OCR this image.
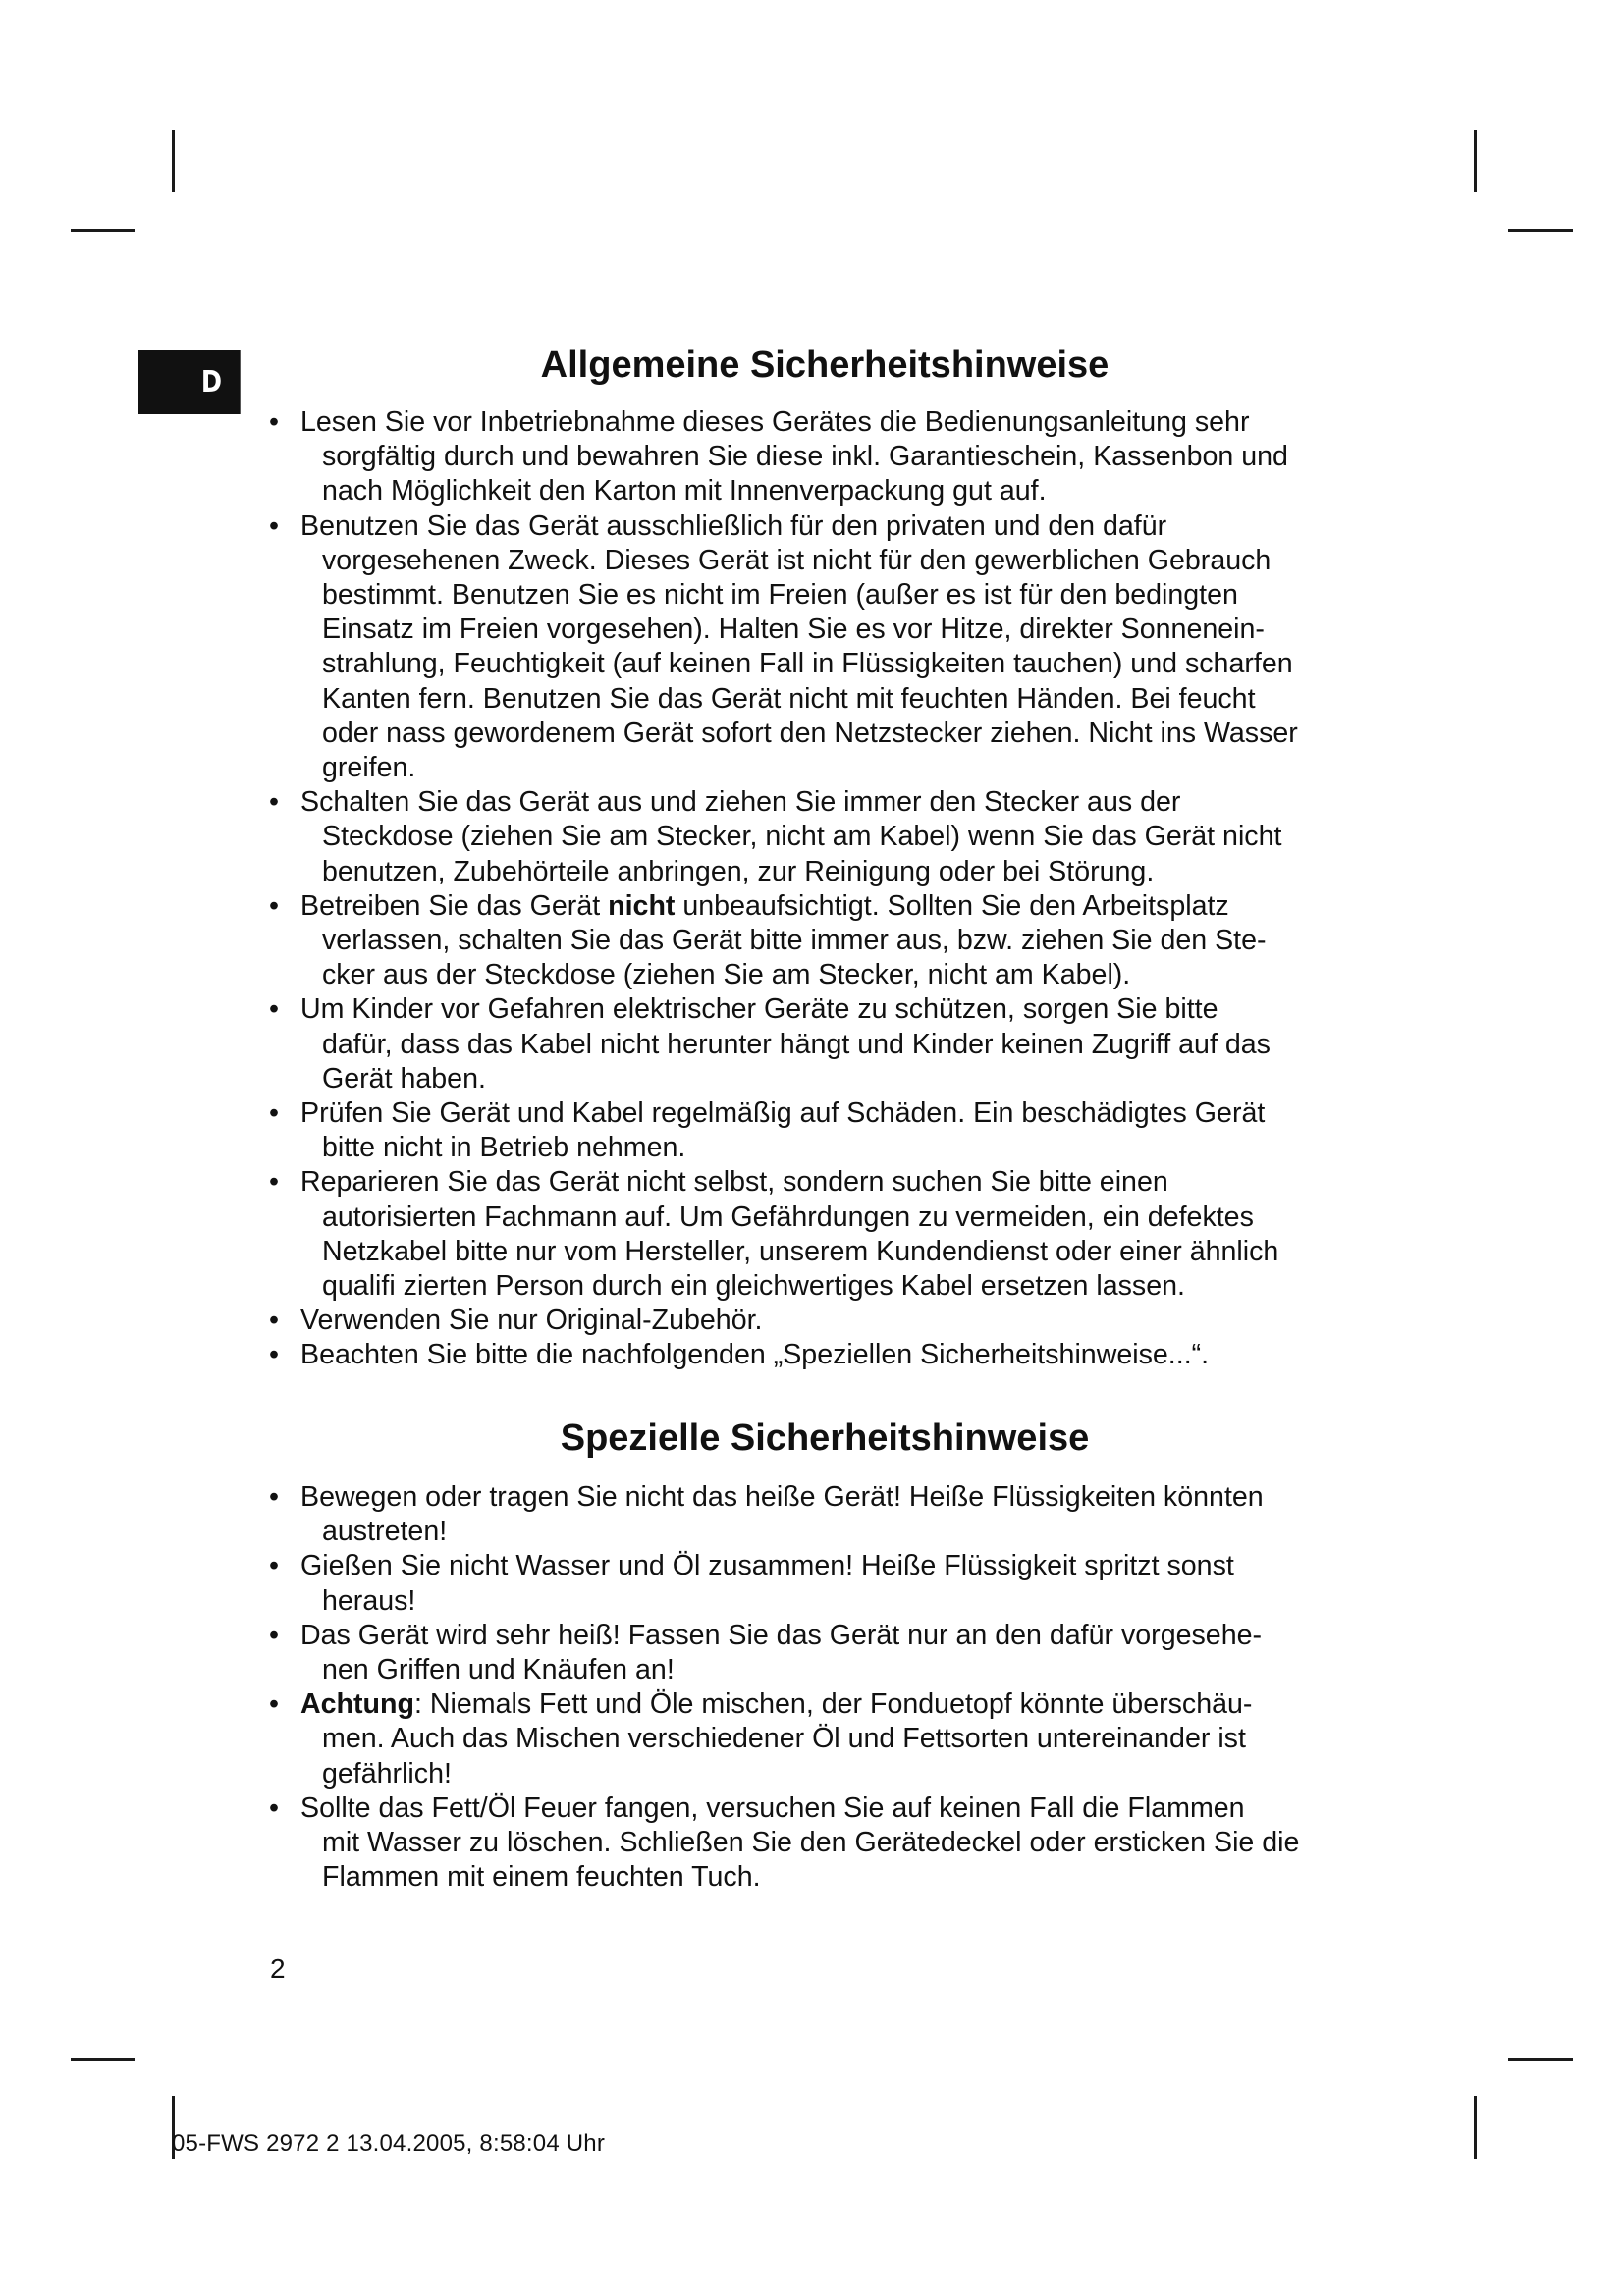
D	Allgemeine Sicherheitshinweise
• Lesen Sie vor Inbetriebnahme dieses Gerätes die Bedienungsanleitung sehr
sorgfältig durch und bewahren Sie diese inkl. Garantieschein, Kassenbon und
nach Möglichkeit den Karton mit Innenverpackung gut auf.
• Benutzen Sie das Gerät ausschließlich für den privaten und den dafür
vorgesehenen Zweck. Dieses Gerät ist nicht für den gewerblichen Gebrauch
bestimmt. Benutzen Sie es nicht im Freien (außer es ist für den bedingten
Einsatz im Freien vorgesehen). Halten Sie es vor Hitze, direkter Sonnenein-
strahlung, Feuchtigkeit (auf keinen Fall in Flüssigkeiten tauchen) und scharfen
Kanten fern. Benutzen Sie das Gerät nicht mit feuchten Händen. Bei feucht
oder nass gewordenem Gerät sofort den Netzstecker ziehen. Nicht ins Wasser
greifen.
• Schalten Sie das Gerät aus und ziehen Sie immer den Stecker aus der
Steckdose (ziehen Sie am Stecker, nicht am Kabel) wenn Sie das Gerät nicht
benutzen, Zubehörteile anbringen, zur Reinigung oder bei Störung.
• Betreiben Sie das Gerät nicht unbeaufsichtigt. Sollten Sie den Arbeitsplatz
verlassen, schalten Sie das Gerät bitte immer aus, bzw. ziehen Sie den Ste-
cker aus der Steckdose (ziehen Sie am Stecker, nicht am Kabel).
• Um Kinder vor Gefahren elektrischer Geräte zu schützen, sorgen Sie bitte
dafür, dass das Kabel nicht herunter hängt und Kinder keinen Zugriff auf das
Gerät haben.
• Prüfen Sie Gerät und Kabel regelmäßig auf Schäden. Ein beschädigtes Gerät
bitte nicht in Betrieb nehmen.
• Reparieren Sie das Gerät nicht selbst, sondern suchen Sie bitte einen
autorisierten Fachmann auf. Um Gefährdungen zu vermeiden, ein defektes
Netzkabel bitte nur vom Hersteller, unserem Kundendienst oder einer ähnlich
qualifi zierten Person durch ein gleichwertiges Kabel ersetzen lassen.
• Verwenden Sie nur Original-Zubehör.
• Beachten Sie bitte die nachfolgenden „Speziellen Sicherheitshinweise...“.
Spezielle Sicherheitshinweise
• Bewegen oder tragen Sie nicht das heiße Gerät! Heiße Flüssigkeiten könnten
austreten!
• Gießen Sie nicht Wasser und Öl zusammen! Heiße Flüssigkeit spritzt sonst
heraus!
• Das Gerät wird sehr heiß! Fassen Sie das Gerät nur an den dafür vorgesehe-
nen Griffen und Knäufen an!
• Achtung: Niemals Fett und Öle mischen, der Fonduetopf könnte überschäu-
men. Auch das Mischen verschiedener Öl und Fettsorten untereinander ist
gefährlich!
• Sollte das Fett/Öl Feuer fangen, versuchen Sie auf keinen Fall die Flammen
mit Wasser zu löschen. Schließen Sie den Gerätedeckel oder ersticken Sie die
Flammen mit einem feuchten Tuch.
2
05-FWS 2972 2 13.04.2005, 8:58:04 Uhr
